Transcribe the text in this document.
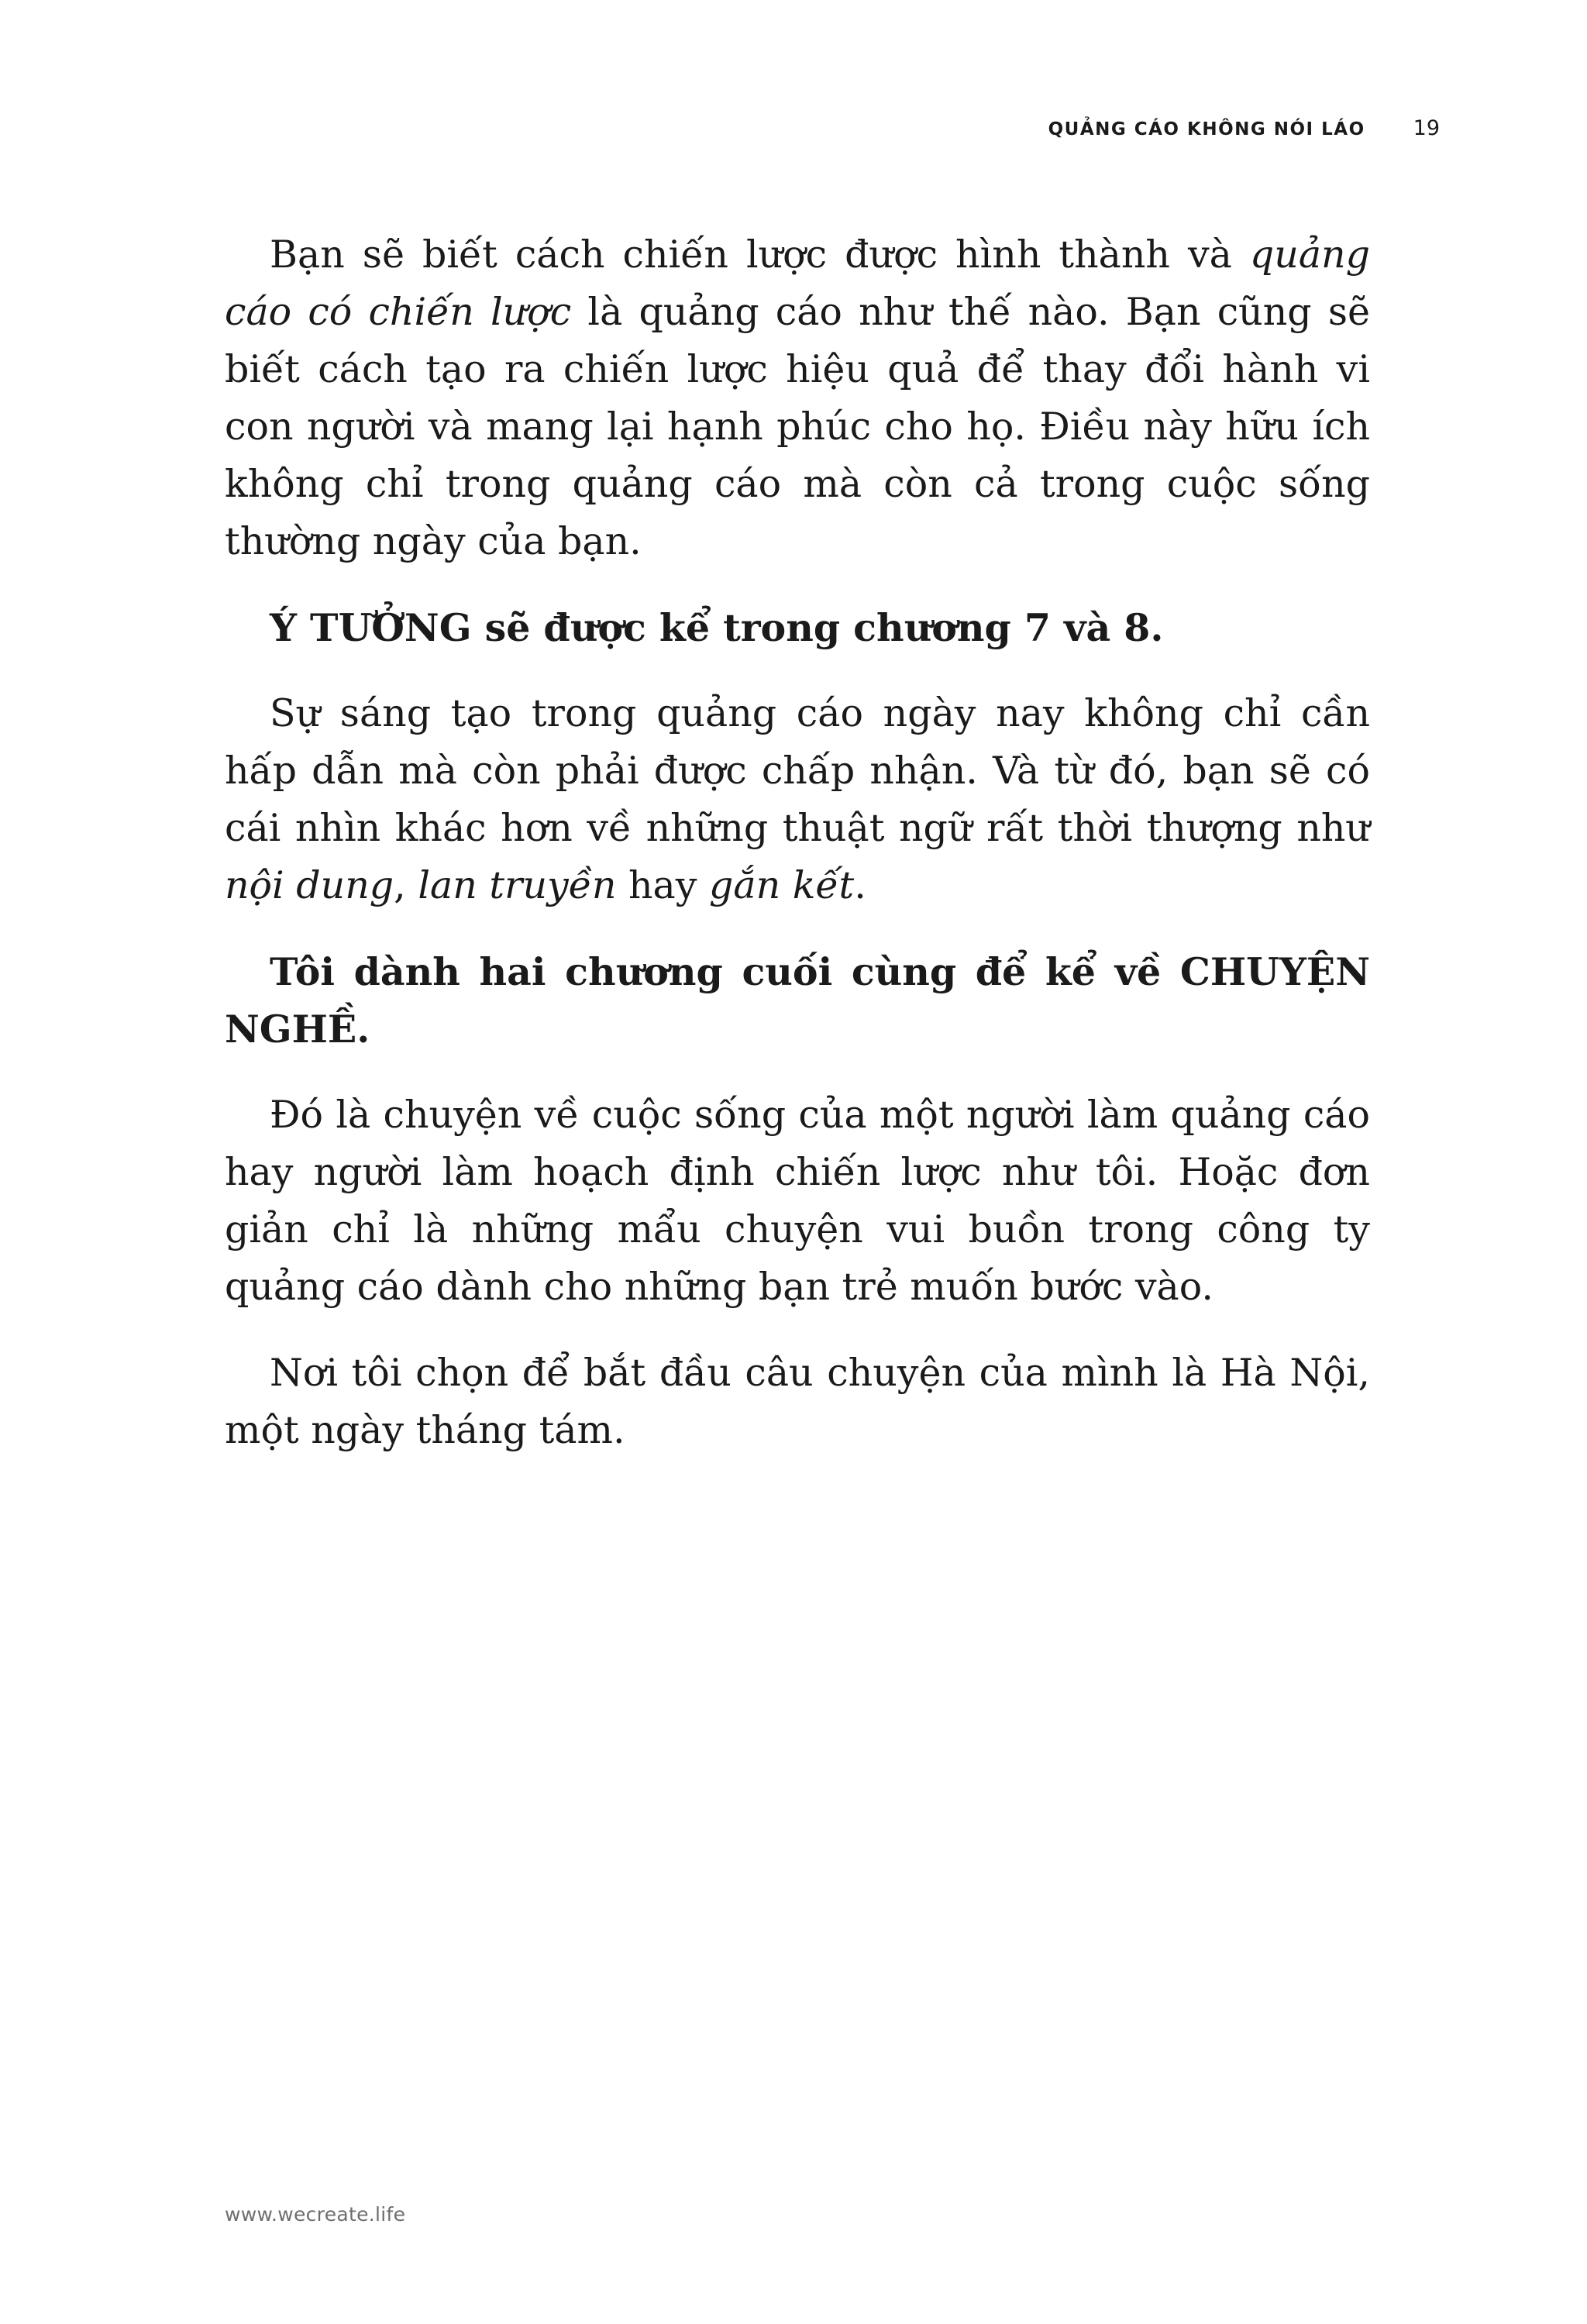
QUẢNG CÁO KHÔNG NÓI LÁO 19

Bạn sẽ biết cách chiến lược được hình thành và quảng cáo có chiến lược là quảng cáo như thế nào. Bạn cũng sẽ biết cách tạo ra chiến lược hiệu quả để thay đổi hành vi con người và mang lại hạnh phúc cho họ. Điều này hữu ích không chỉ trong quảng cáo mà còn cả trong cuộc sống thường ngày của bạn.

Ý TƯỞNG sẽ được kể trong chương 7 và 8.

Sự sáng tạo trong quảng cáo ngày nay không chỉ cần hấp dẫn mà còn phải được chấp nhận. Và từ đó, bạn sẽ có cái nhìn khác hơn về những thuật ngữ rất thời thượng như nội dung, lan truyền hay gắn kết.

Tôi dành hai chương cuối cùng để kể về CHUYỆN NGHỀ.

Đó là chuyện về cuộc sống của một người làm quảng cáo hay người làm hoạch định chiến lược như tôi. Hoặc đơn giản chỉ là những mẩu chuyện vui buồn trong công ty quảng cáo dành cho những bạn trẻ muốn bước vào.

Nơi tôi chọn để bắt đầu câu chuyện của mình là Hà Nội, một ngày tháng tám.

www.wecreate.life
